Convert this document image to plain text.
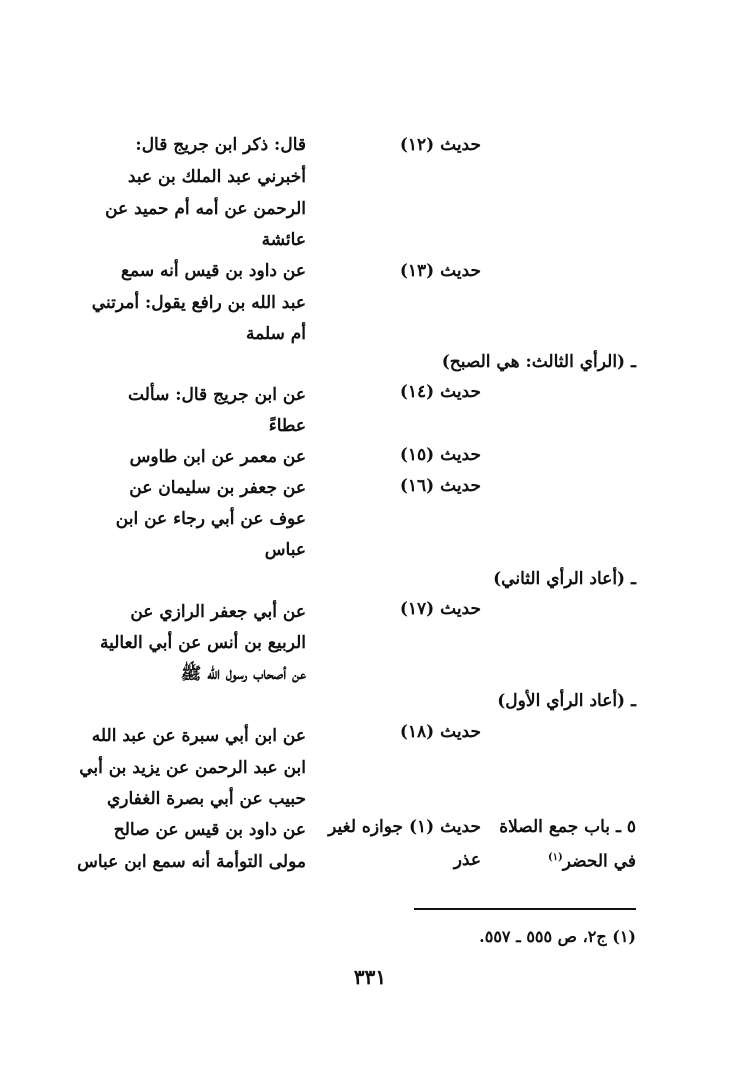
حديث (١٢)
قال: ذكر ابن جريج قال:
أخبرني عبد الملك بن عبد
الرحمن عن أمه أم حميد عن
عائشة
حديث (١٣)
عن داود بن قيس أنه سمع
عبد الله بن رافع يقول: أمرتني
أم سلمة
ـ (الرأي الثالث: هي الصبح)
حديث (١٤)
عن ابن جريج قال: سألت
عطاءً
حديث (١٥)
عن معمر عن ابن طاوس
حديث (١٦)
عن جعفر بن سليمان عن
عوف عن أبي رجاء عن ابن
عباس
ـ (أعاد الرأي الثاني)
حديث (١٧)
عن أبي جعفر الرازي عن
الربيع بن أنس عن أبي العالية
عن أصحاب رسول الله ﷺ
ـ (أعاد الرأي الأول)
حديث (١٨)
عن ابن أبي سبرة عن عبد الله
ابن عبد الرحمن عن يزيد بن أبي
حبيب عن أبي بصرة الغفاري
٥ ـ باب جمع الصلاة
في الحضر$^{(١)}$
حديث (١) جوازه لغير
عذر
عن داود بن قيس عن صالح
مولى التوأمة أنه سمع ابن عباس
(١) ج٢، ص ٥٥٥ ـ ٥٥٧.
٣٣١
